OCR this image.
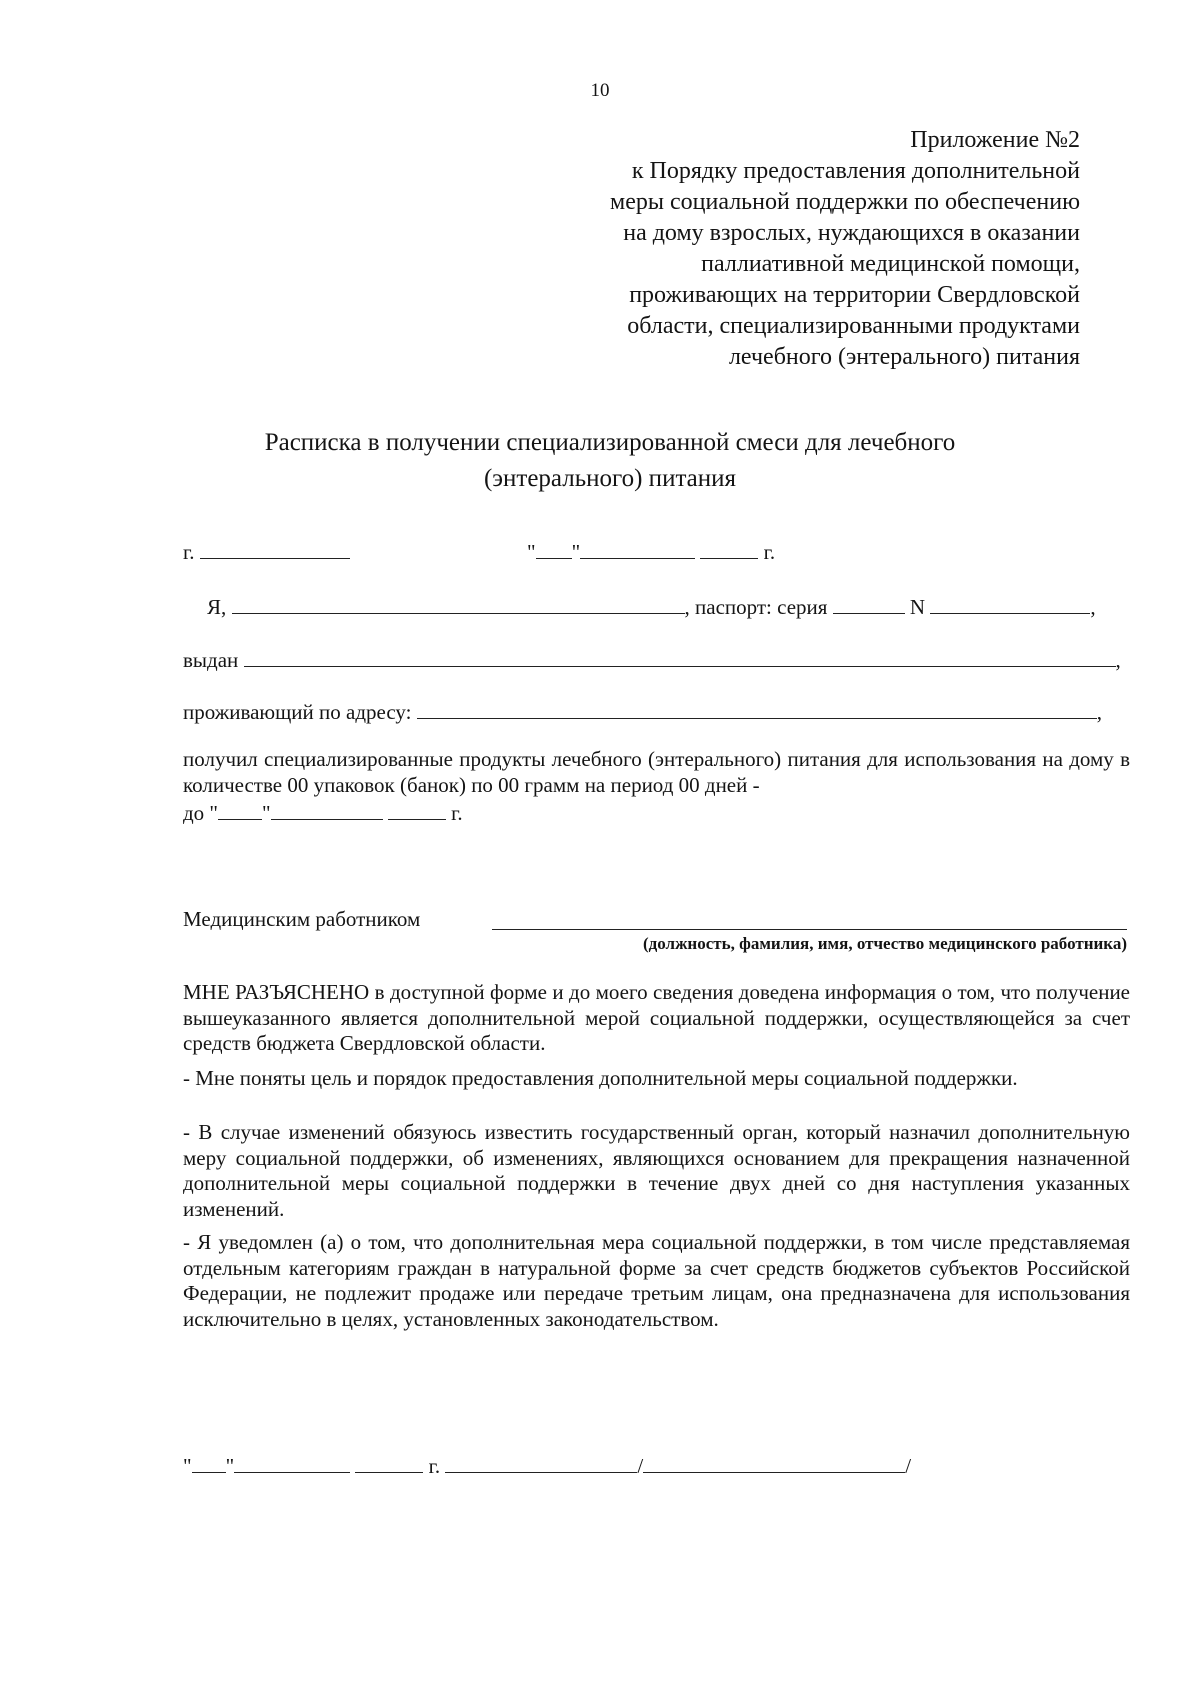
10
Приложение №2
к Порядку предоставления дополнительной
меры социальной поддержки по обеспечению
на дому взрослых, нуждающихся в оказании
паллиативной медицинской помощи,
проживающих на территории Свердловской
области, специализированными продуктами
лечебного (энтерального) питания
Расписка в получении специализированной смеси для лечебного
(энтерального) питания
г.	" "	г.
Я,	, паспорт: серия	N	,
выдан	,
проживающий по адресу:	,
получил специализированные продукты лечебного (энтерального) питания для использования на дому в количестве 00 упаковок (банок) по 00 грамм на период 00 дней -
до " "	г.
Медицинским работником
(должность, фамилия, имя, отчество медицинского работника)
МНЕ РАЗЪЯСНЕНО в доступной форме и до моего сведения доведена информация о том, что получение вышеуказанного является дополнительной мерой социальной поддержки, осуществляющейся за счет средств бюджета Свердловской области.
- Мне поняты цель и порядок предоставления дополнительной меры социальной поддержки.
- В случае изменений обязуюсь известить государственный орган, который назначил дополнительную меру социальной поддержки, об изменениях, являющихся основанием для прекращения назначенной дополнительной меры социальной поддержки в течение двух дней со дня наступления указанных изменений.
- Я уведомлен (а) о том, что дополнительная мера социальной поддержки, в том числе представляемая отдельным категориям граждан в натуральной форме за счет средств бюджетов субъектов Российской Федерации, не подлежит продаже или передаче третьим лицам, она предназначена для использования исключительно в целях, установленных законодательством.
" "	г.	/	/
